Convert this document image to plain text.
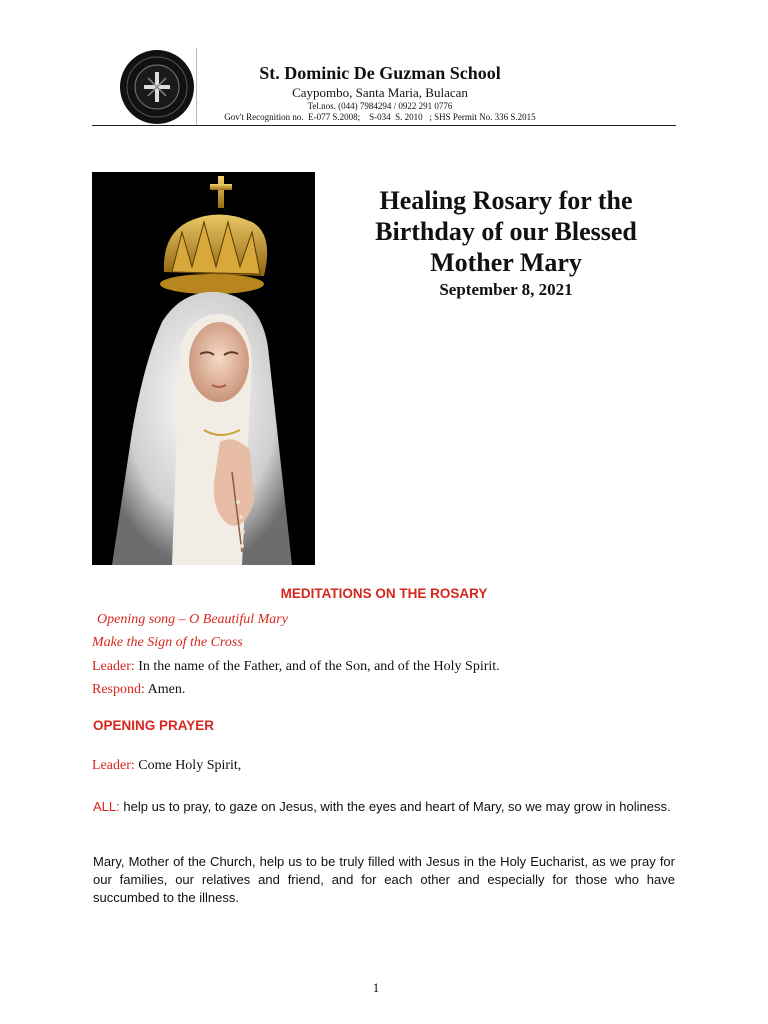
St. Dominic De Guzman School
Caypombo, Santa Maria, Bulacan
Tel.nos. (044) 7984294 / 0922 291 0776
Gov't Recognition no.  E-077 S.2008;    S-034  S. 2010   ; SHS Permit No. 336 S.2015
Healing Rosary for the Birthday of our Blessed Mother Mary
September 8, 2021
MEDITATIONS ON THE ROSARY
Opening song – O Beautiful Mary
Make the Sign of the Cross
Leader: In the name of the Father, and of the Son, and of the Holy Spirit.
Respond: Amen.
OPENING PRAYER
Leader: Come Holy Spirit,
ALL: help us to pray, to gaze on Jesus, with the eyes and heart of Mary, so we may grow in holiness.
Mary, Mother of the Church, help us to be truly filled with Jesus in the Holy Eucharist, as we pray for our families, our relatives and friend, and for each other and especially for those who have succumbed to the illness.
1
